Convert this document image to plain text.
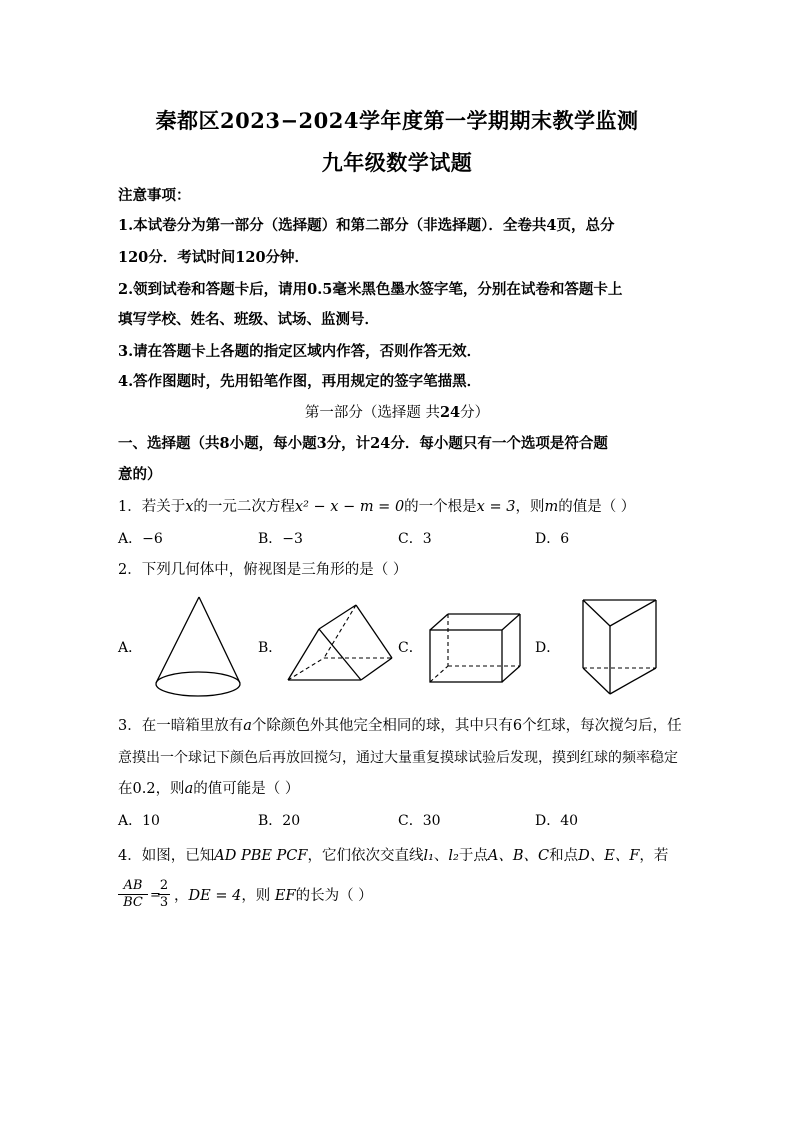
秦都区2023−2024学年度第一学期期末教学监测
九年级数学试题
注意事项：
1.本试卷分为第一部分（选择题）和第二部分（非选择题）．全卷共4页，总分
120分．考试时间120分钟．
2.领到试卷和答题卡后，请用0.5毫米黑色墨水签字笔，分别在试卷和答题卡上
填写学校、姓名、班级、试场、监测号．
3.请在答题卡上各题的指定区域内作答，否则作答无效．
4.答作图题时，先用铅笔作图，再用规定的签字笔描黑．
第一部分（选择题 共24分）
一、选择题（共8小题，每小题3分，计24分．每小题只有一个选项是符合题
意的）
1．若关于x的一元二次方程x² − x − m = 0的一个根是x = 3，则m的值是（ ）
A．−6	B．−3	C．3	D．6
2．下列几何体中，俯视图是三角形的是（ ）
A．	B．	C．	D．
3．在一暗箱里放有a个除颜色外其他完全相同的球，其中只有6个红球，每次搅匀后，任
意摸出一个球记下颜色后再放回搅匀，通过大量重复摸球试验后发现，摸到红球的频率稳定
在0.2，则a的值可能是（ ）
A．10	B．20	C．30	D．40
4．如图，已知AD PBE PCF，它们依次交直线l₁、l₂于点A、B、C和点D、E、F，若
$\frac{AB}{BC}$ =
$\frac{2}{3}$ ，DE = 4，则 EF的长为（ ）
